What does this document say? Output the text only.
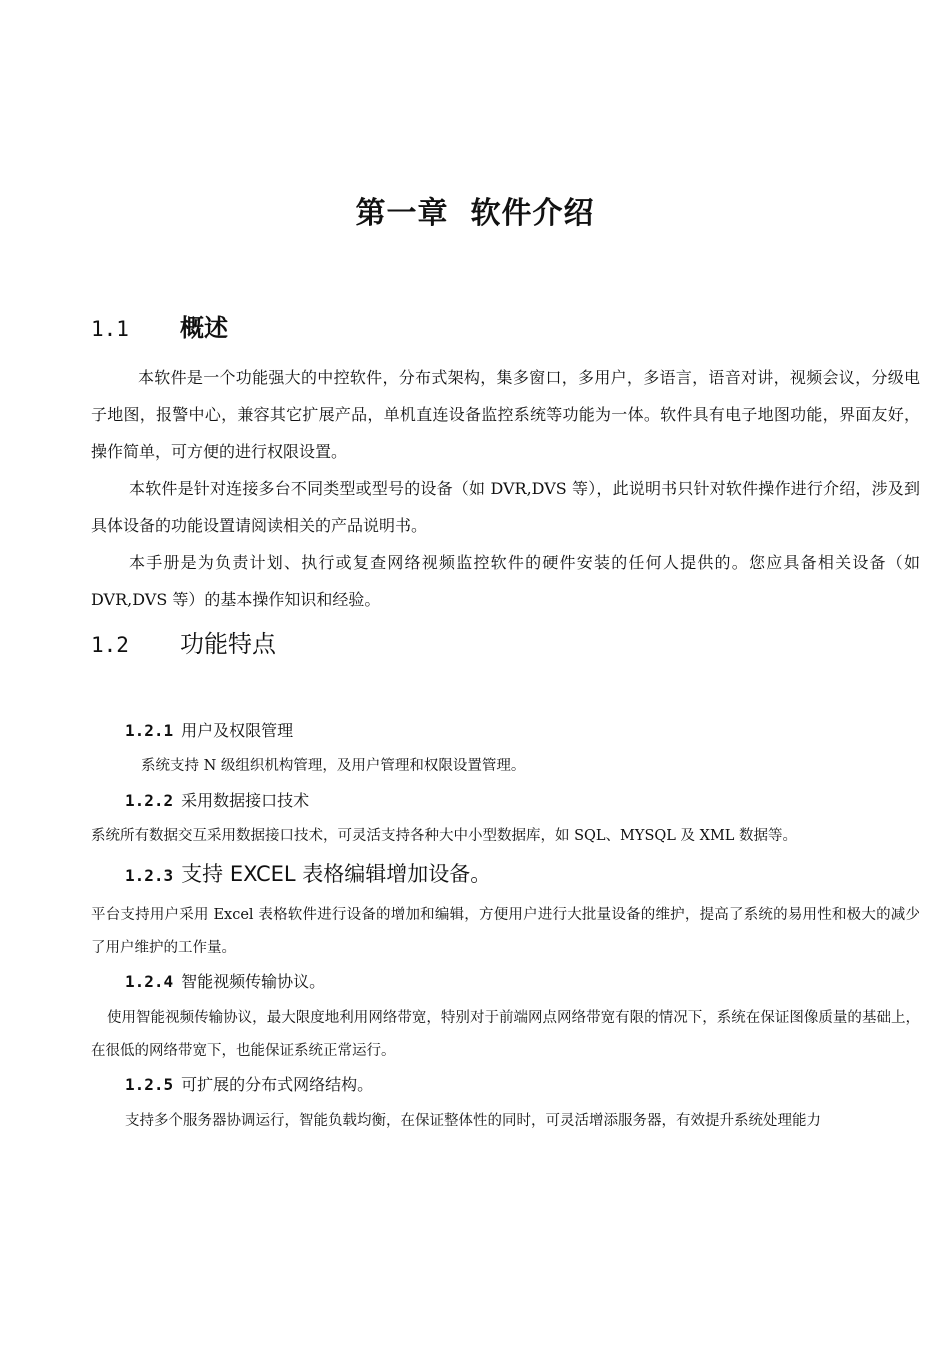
第一章 软件介绍
1.1 概述

本软件是一个功能强大的中控软件，分布式架构，集多窗口，多用户，多语言，语音对讲，视频会议，分级电子地图，报警中心，兼容其它扩展产品，单机直连设备监控系统等功能为一体。软件具有电子地图功能，界面友好，操作简单，可方便的进行权限设置。

本软件是针对连接多台不同类型或型号的设备（如 DVR,DVS 等），此说明书只针对软件操作进行介绍，涉及到具体设备的功能设置请阅读相关的产品说明书。

本手册是为负责计划、执行或复查网络视频监控软件的硬件安装的任何人提供的。您应具备相关设备（如 DVR,DVS 等）的基本操作知识和经验。

1.2 功能特点
1.2.1 用户及权限管理

系统支持 N 级组织机构管理，及用户管理和权限设置管理。

1.2.2 采用数据接口技术

系统所有数据交互采用数据接口技术，可灵活支持各种大中小型数据库，如 SQL、MYSQL 及 XML 数据等。

1.2.3 支持 EXCEL 表格编辑增加设备。

平台支持用户采用 Excel 表格软件进行设备的增加和编辑，方便用户进行大批量设备的维护，提高了系统的易用性和极大的减少了用户维护的工作量。

1.2.4 智能视频传输协议。

使用智能视频传输协议，最大限度地利用网络带宽，特别对于前端网点网络带宽有限的情况下，系统在保证图像质量的基础上，在很低的网络带宽下，也能保证系统正常运行。

1.2.5 可扩展的分布式网络结构。

支持多个服务器协调运行，智能负载均衡，在保证整体性的同时，可灵活增添服务器，有效提升系统处理能力
